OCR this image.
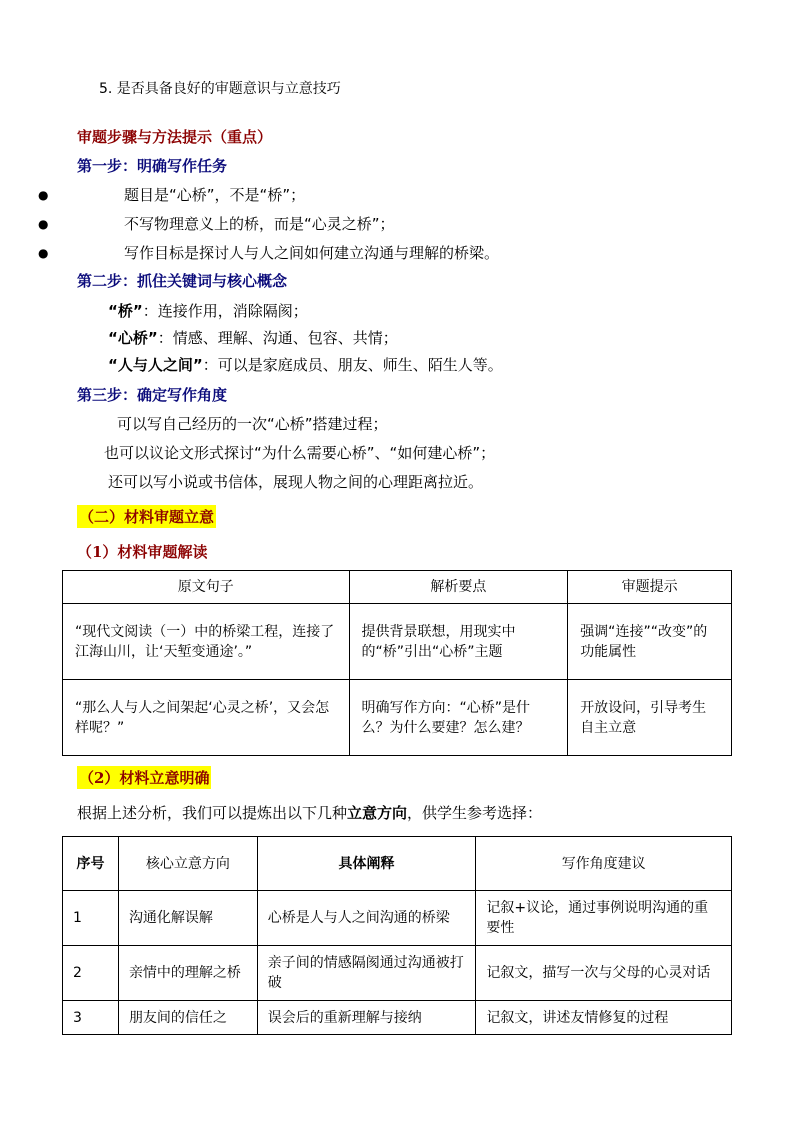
5. 是否具备良好的审题意识与立意技巧
审题步骤与方法提示（重点）
第一步：明确写作任务
●	题目是“心桥”，不是“桥”；
●	不写物理意义上的桥，而是“心灵之桥”；
●	写作目标是探讨人与人之间如何建立沟通与理解的桥梁。
第二步：抓住关键词与核心概念
“桥”：连接作用，消除隔阂；
“心桥”：情感、理解、沟通、包容、共情；
“人与人之间”：可以是家庭成员、朋友、师生、陌生人等。
第三步：确定写作角度
可以写自己经历的一次“心桥”搭建过程；
也可以议论文形式探讨“为什么需要心桥”、“如何建心桥”；
还可以写小说或书信体，展现人物之间的心理距离拉近。
（二）材料审题立意
（1）材料审题解读
原文句子	解析要点	审题提示
“现代文阅读（一）中的桥梁工程，连接了江海山川，让‘天堑变通途’。”	提供背景联想，用现实中的“桥”引出“心桥”主题	强调“连接”“改变”的功能属性
“那么人与人之间架起‘心灵之桥’，又会怎样呢？”	明确写作方向：“心桥”是什么？为什么要建？怎么建？	开放设问，引导考生自主立意
（2）材料立意明确
根据上述分析，我们可以提炼出以下几种立意方向，供学生参考选择：
序号	核心立意方向	具体阐释	写作角度建议
1	沟通化解误解	心桥是人与人之间沟通的桥梁	记叙+议论，通过事例说明沟通的重要性
2	亲情中的理解之桥	亲子间的情感隔阂通过沟通被打破	记叙文，描写一次与父母的心灵对话
3	朋友间的信任之	误会后的重新理解与接纳	记叙文，讲述友情修复的过程
